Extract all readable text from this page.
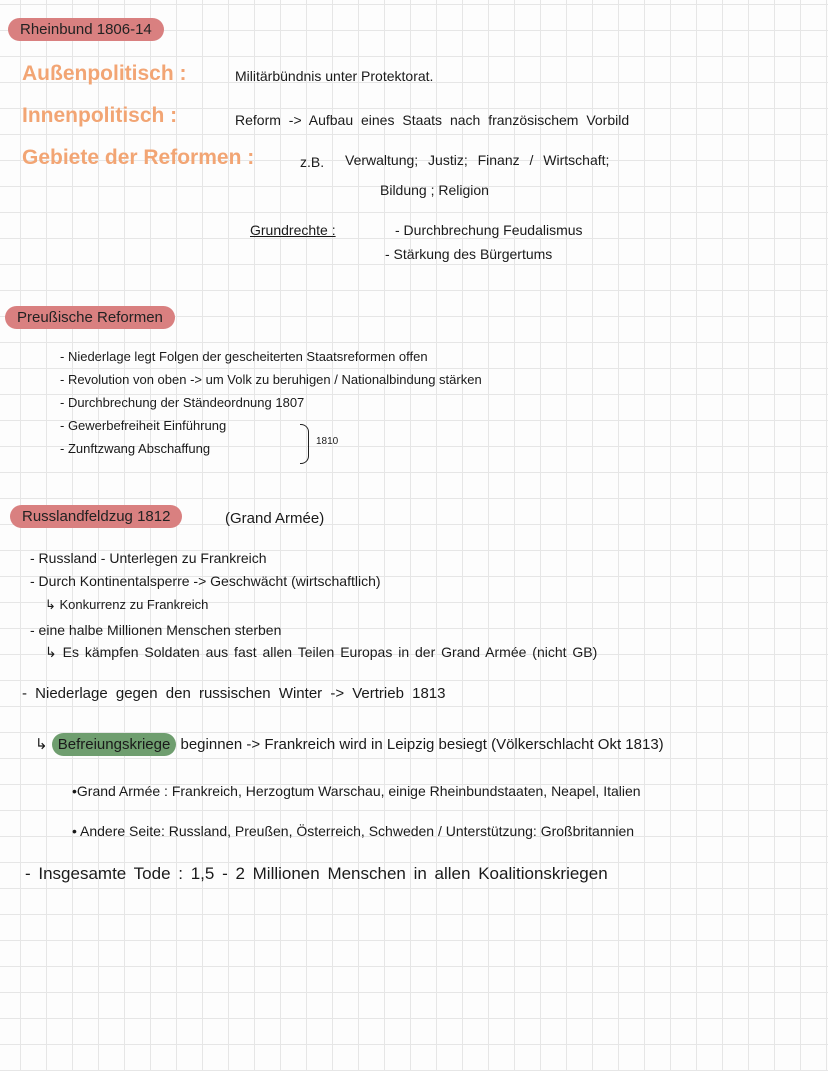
Rheinbund 1806-14
Außenpolitisch :	Militärbündnis unter Protektorat.
Innenpolitisch :	Reform -> Aufbau eines Staats nach französischem Vorbild
Gebiete der Reformen :	z.B. Verwaltung; Justiz; Finanz / Wirtschaft;
Bildung ; Religion
Grundrechte :	- Durchbrechung Feudalismus
- Stärkung des Bürgertums
Preußische Reformen
- Niederlage legt Folgen der gescheiterten Staatsreformen offen
- Revolution von oben -> um Volk zu beruhigen / Nationalbindung stärken
- Durchbrechung der Ständeordnung 1807
- Gewerbefreiheit Einführung
- Zunftzwang Abschaffung	1810
Russlandfeldzug 1812	(Grand Armée)
- Russland - Unterlegen zu Frankreich
- Durch Kontinentalsperre -> Geschwächt (wirtschaftlich)
↳ Konkurrenz zu Frankreich
- eine halbe Millionen Menschen sterben
↳ Es kämpfen Soldaten aus fast allen Teilen Europas in der Grand Armée (nicht GB)
- Niederlage gegen den russischen Winter -> Vertrieb 1813
↳ Befreiungskriege beginnen -> Frankreich wird in Leipzig besiegt (Völkerschlacht Okt 1813)
•Grand Armée : Frankreich, Herzogtum Warschau, einige Rheinbundstaaten, Neapel, Italien
• Andere Seite: Russland, Preußen, Österreich, Schweden / Unterstützung: Großbritannien
- Insgesamte Tode : 1,5 - 2 Millionen Menschen in allen Koalitionskriegen
